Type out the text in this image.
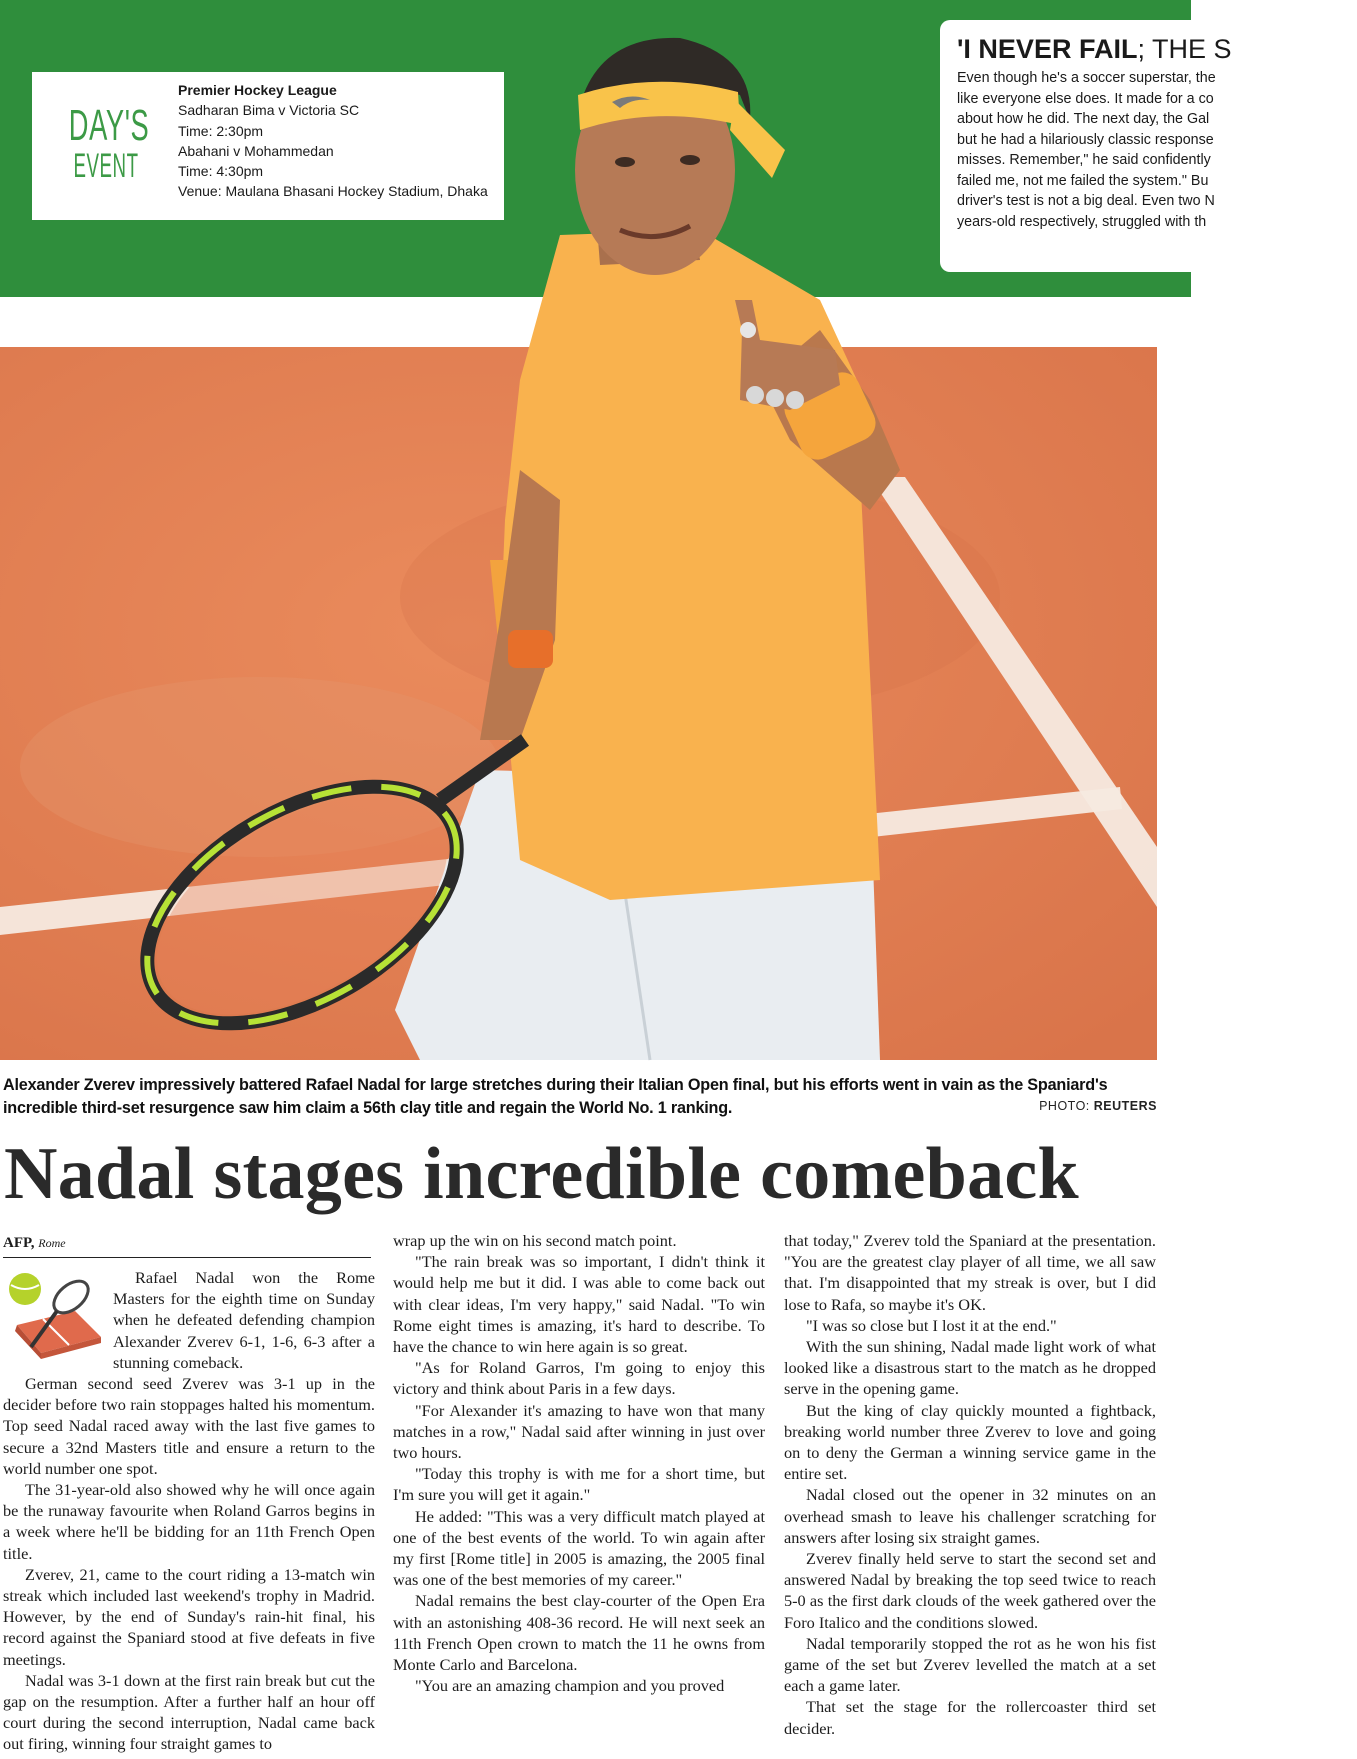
DAY'S
EVENT
Premier Hockey League
Sadharan Bima v Victoria SC
Time: 2:30pm
Abahani v Mohammedan
Time: 4:30pm
Venue: Maulana Bhasani Hockey Stadium, Dhaka
'I NEVER FAIL; THE S
Even though he's a soccer superstar, the
like everyone else does. It made for a co
about how he did. The next day, the Gal
but he had a hilariously classic response
misses. Remember," he said confidently
failed me, not me failed the system." Bu
driver's test is not a big deal. Even two N
years-old respectively, struggled with th
Alexander Zverev impressively battered Rafael Nadal for large stretches during their Italian Open final, but his efforts went in vain as the Spaniard's incredible third-set resurgence saw him claim a 56th clay title and regain the World No. 1 ranking.	PHOTO: REUTERS
Nadal stages incredible comeback
AFP, Rome

Rafael Nadal won the Rome Masters for the eighth time on Sunday when he defeated defending champion Alexander Zverev 6-1, 1-6, 6-3 after a stunning comeback.

German second seed Zverev was 3-1 up in the decider before two rain stoppages halted his momentum. Top seed Nadal raced away with the last five games to secure a 32nd Masters title and ensure a return to the world number one spot.

The 31-year-old also showed why he will once again be the runaway favourite when Roland Garros begins in a week where he'll be bidding for an 11th French Open title.

Zverev, 21, came to the court riding a 13-match win streak which included last weekend's trophy in Madrid. However, by the end of Sunday's rain-hit final, his record against the Spaniard stood at five defeats in five meetings.

Nadal was 3-1 down at the first rain break but cut the gap on the resumption. After a further half an hour off court during the second interruption, Nadal came back out firing, winning four straight games to

wrap up the win on his second match point.

"The rain break was so important, I didn't think it would help me but it did. I was able to come back out with clear ideas, I'm very happy," said Nadal. "To win Rome eight times is amazing, it's hard to describe. To have the chance to win here again is so great.

"As for Roland Garros, I'm going to enjoy this victory and think about Paris in a few days.

"For Alexander it's amazing to have won that many matches in a row," Nadal said after winning in just over two hours.

"Today this trophy is with me for a short time, but I'm sure you will get it again."

He added: "This was a very difficult match played at one of the best events of the world. To win again after my first [Rome title] in 2005 is amazing, the 2005 final was one of the best memories of my career."

Nadal remains the best clay-courter of the Open Era with an astonishing 408-36 record. He will next seek an 11th French Open crown to match the 11 he owns from Monte Carlo and Barcelona.

"You are an amazing champion and you proved

that today," Zverev told the Spaniard at the presentation. "You are the greatest clay player of all time, we all saw that. I'm disappointed that my streak is over, but I did lose to Rafa, so maybe it's OK.

"I was so close but I lost it at the end."

With the sun shining, Nadal made light work of what looked like a disastrous start to the match as he dropped serve in the opening game.

But the king of clay quickly mounted a fightback, breaking world number three Zverev to love and going on to deny the German a winning service game in the entire set.

Nadal closed out the opener in 32 minutes on an overhead smash to leave his challenger scratching for answers after losing six straight games.

Zverev finally held serve to start the second set and answered Nadal by breaking the top seed twice to reach 5-0 as the first dark clouds of the week gathered over the Foro Italico and the conditions slowed.

Nadal temporarily stopped the rot as he won his fist game of the set but Zverev levelled the match at a set each a game later.

That set the stage for the rollercoaster third set decider.
